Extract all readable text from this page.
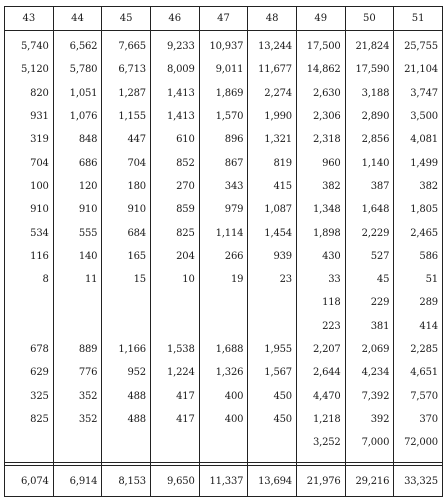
43	44	45	46	47	48	49	50	51

5,740	6,562	7,665	9,233	10,937	13,244	17,500	21,824	25,755
5,120	5,780	6,713	8,009	9,011	11,677	14,862	17,590	21,104
820	1,051	1,287	1,413	1,869	2,274	2,630	3,188	3,747
931	1,076	1,155	1,413	1,570	1,990	2,306	2,890	3,500
319	848	447	610	896	1,321	2,318	2,856	4,081
704	686	704	852	867	819	960	1,140	1,499
100	120	180	270	343	415	382	387	382
910	910	910	859	979	1,087	1,348	1,648	1,805
534	555	684	825	1,114	1,454	1,898	2,229	2,465
116	140	165	204	266	939	430	527	586
8	11	15	10	19	23	33	45	51
						118	229	289
						223	381	414
678	889	1,166	1,538	1,688	1,955	2,207	2,069	2,285
629	776	952	1,224	1,326	1,567	2,644	4,234	4,651
325	352	488	417	400	450	4,470	7,392	7,570
825	352	488	417	400	450	1,218	392	370
						3,252	7,000	72,000

6,074	6,914	8,153	9,650	11,337	13,694	21,976	29,216	33,325
